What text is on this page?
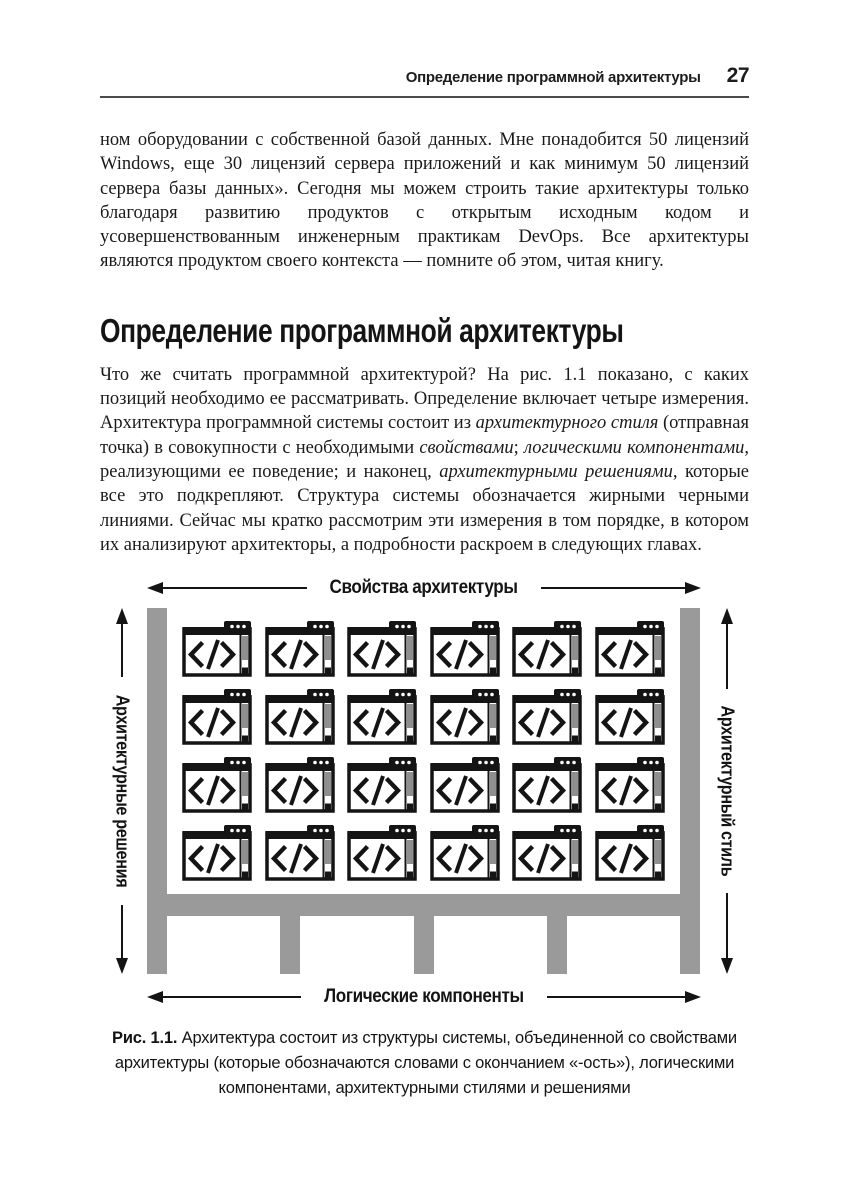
Определение программной архитектуры 27

ном оборудовании с собственной базой данных. Мне понадобится 50 лицензий Windows, еще 30 лицензий сервера приложений и как минимум 50 лицензий сервера базы данных». Сегодня мы можем строить такие архитектуры только благодаря развитию продуктов с открытым исходным кодом и усовершенствованным инженерным практикам DevOps. Все архитектуры являются продуктом своего контекста — помните об этом, читая книгу.

Определение программной архитектуры

Что же считать программной архитектурой? На рис. 1.1 показано, с каких позиций необходимо ее рассматривать. Определение включает четыре измерения. Архитектура программной системы состоит из архитектурного стиля (отправная точка) в совокупности с необходимыми свойствами; логическими компонентами, реализующими ее поведение; и наконец, архитектурными решениями, которые все это подкрепляют. Структура системы обозначается жирными черными линиями. Сейчас мы кратко рассмотрим эти измерения в том порядке, в котором их анализируют архитекторы, а подробности раскроем в следующих главах.

Свойства архитектуры
Архитектурные решения	Архитектурный стиль
Логические компоненты
Рис. 1.1. Архитектура состоит из структуры системы, объединенной со свойствами архитектуры (которые обозначаются словами с окончанием «-ость»), логическими компонентами, архитектурными стилями и решениями
